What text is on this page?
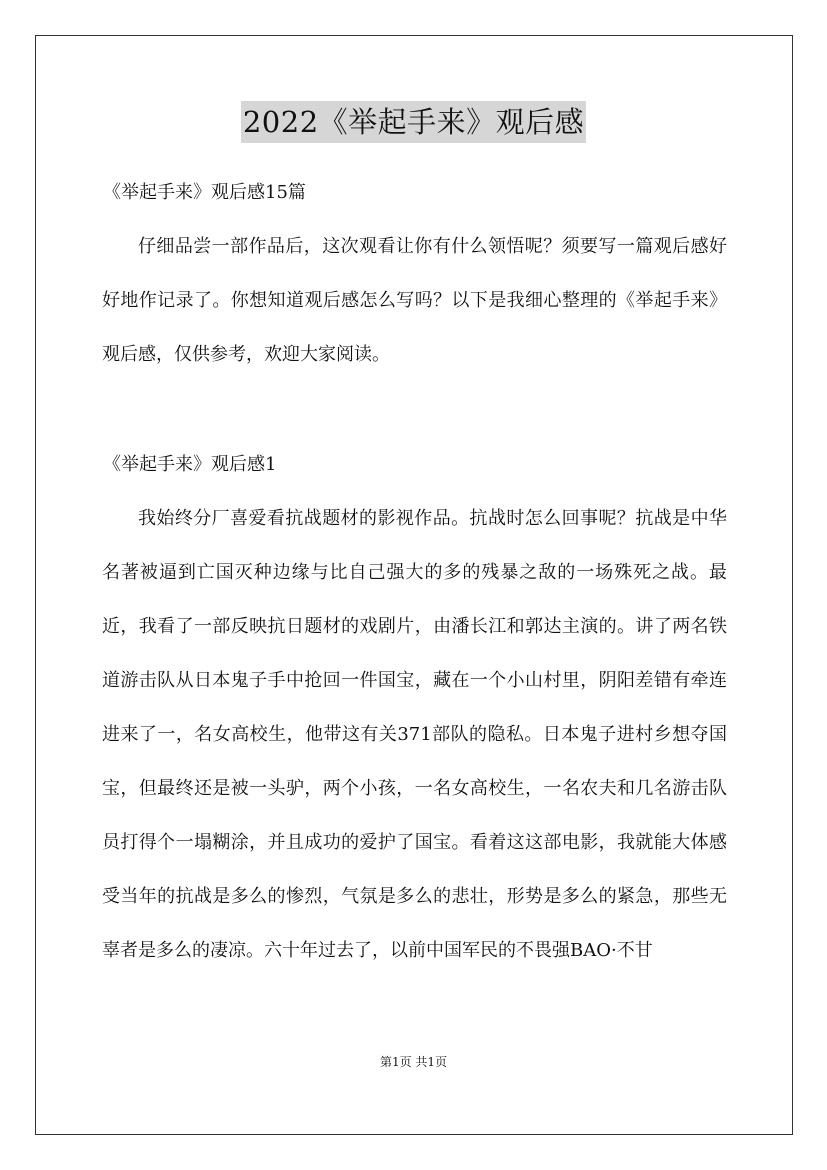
2022《举起手来》观后感
《举起手来》观后感15篇

仔细品尝一部作品后，这次观看让你有什么领悟呢？须要写一篇观后感好好地作记录了。你想知道观后感怎么写吗？以下是我细心整理的《举起手来》观后感，仅供参考，欢迎大家阅读。

《举起手来》观后感1

我始终分厂喜爱看抗战题材的影视作品。抗战时怎么回事呢？抗战是中华名著被逼到亡国灭种边缘与比自己强大的多的残暴之敌的一场殊死之战。最近，我看了一部反映抗日题材的戏剧片，由潘长江和郭达主演的。讲了两名铁道游击队从日本鬼子手中抢回一件国宝，藏在一个小山村里，阴阳差错有牵连进来了一，名女高校生，他带这有关371部队的隐私。日本鬼子进村乡想夺国宝，但最终还是被一头驴，两个小孩，一名女高校生，一名农夫和几名游击队员打得个一塌糊涂，并且成功的爱护了国宝。看着这这部电影，我就能大体感受当年的抗战是多么的惨烈，气氛是多么的悲壮，形势是多么的紧急，那些无辜者是多么的凄凉。六十年过去了，以前中国军民的不畏强BAO·不甘

第1页 共1页
